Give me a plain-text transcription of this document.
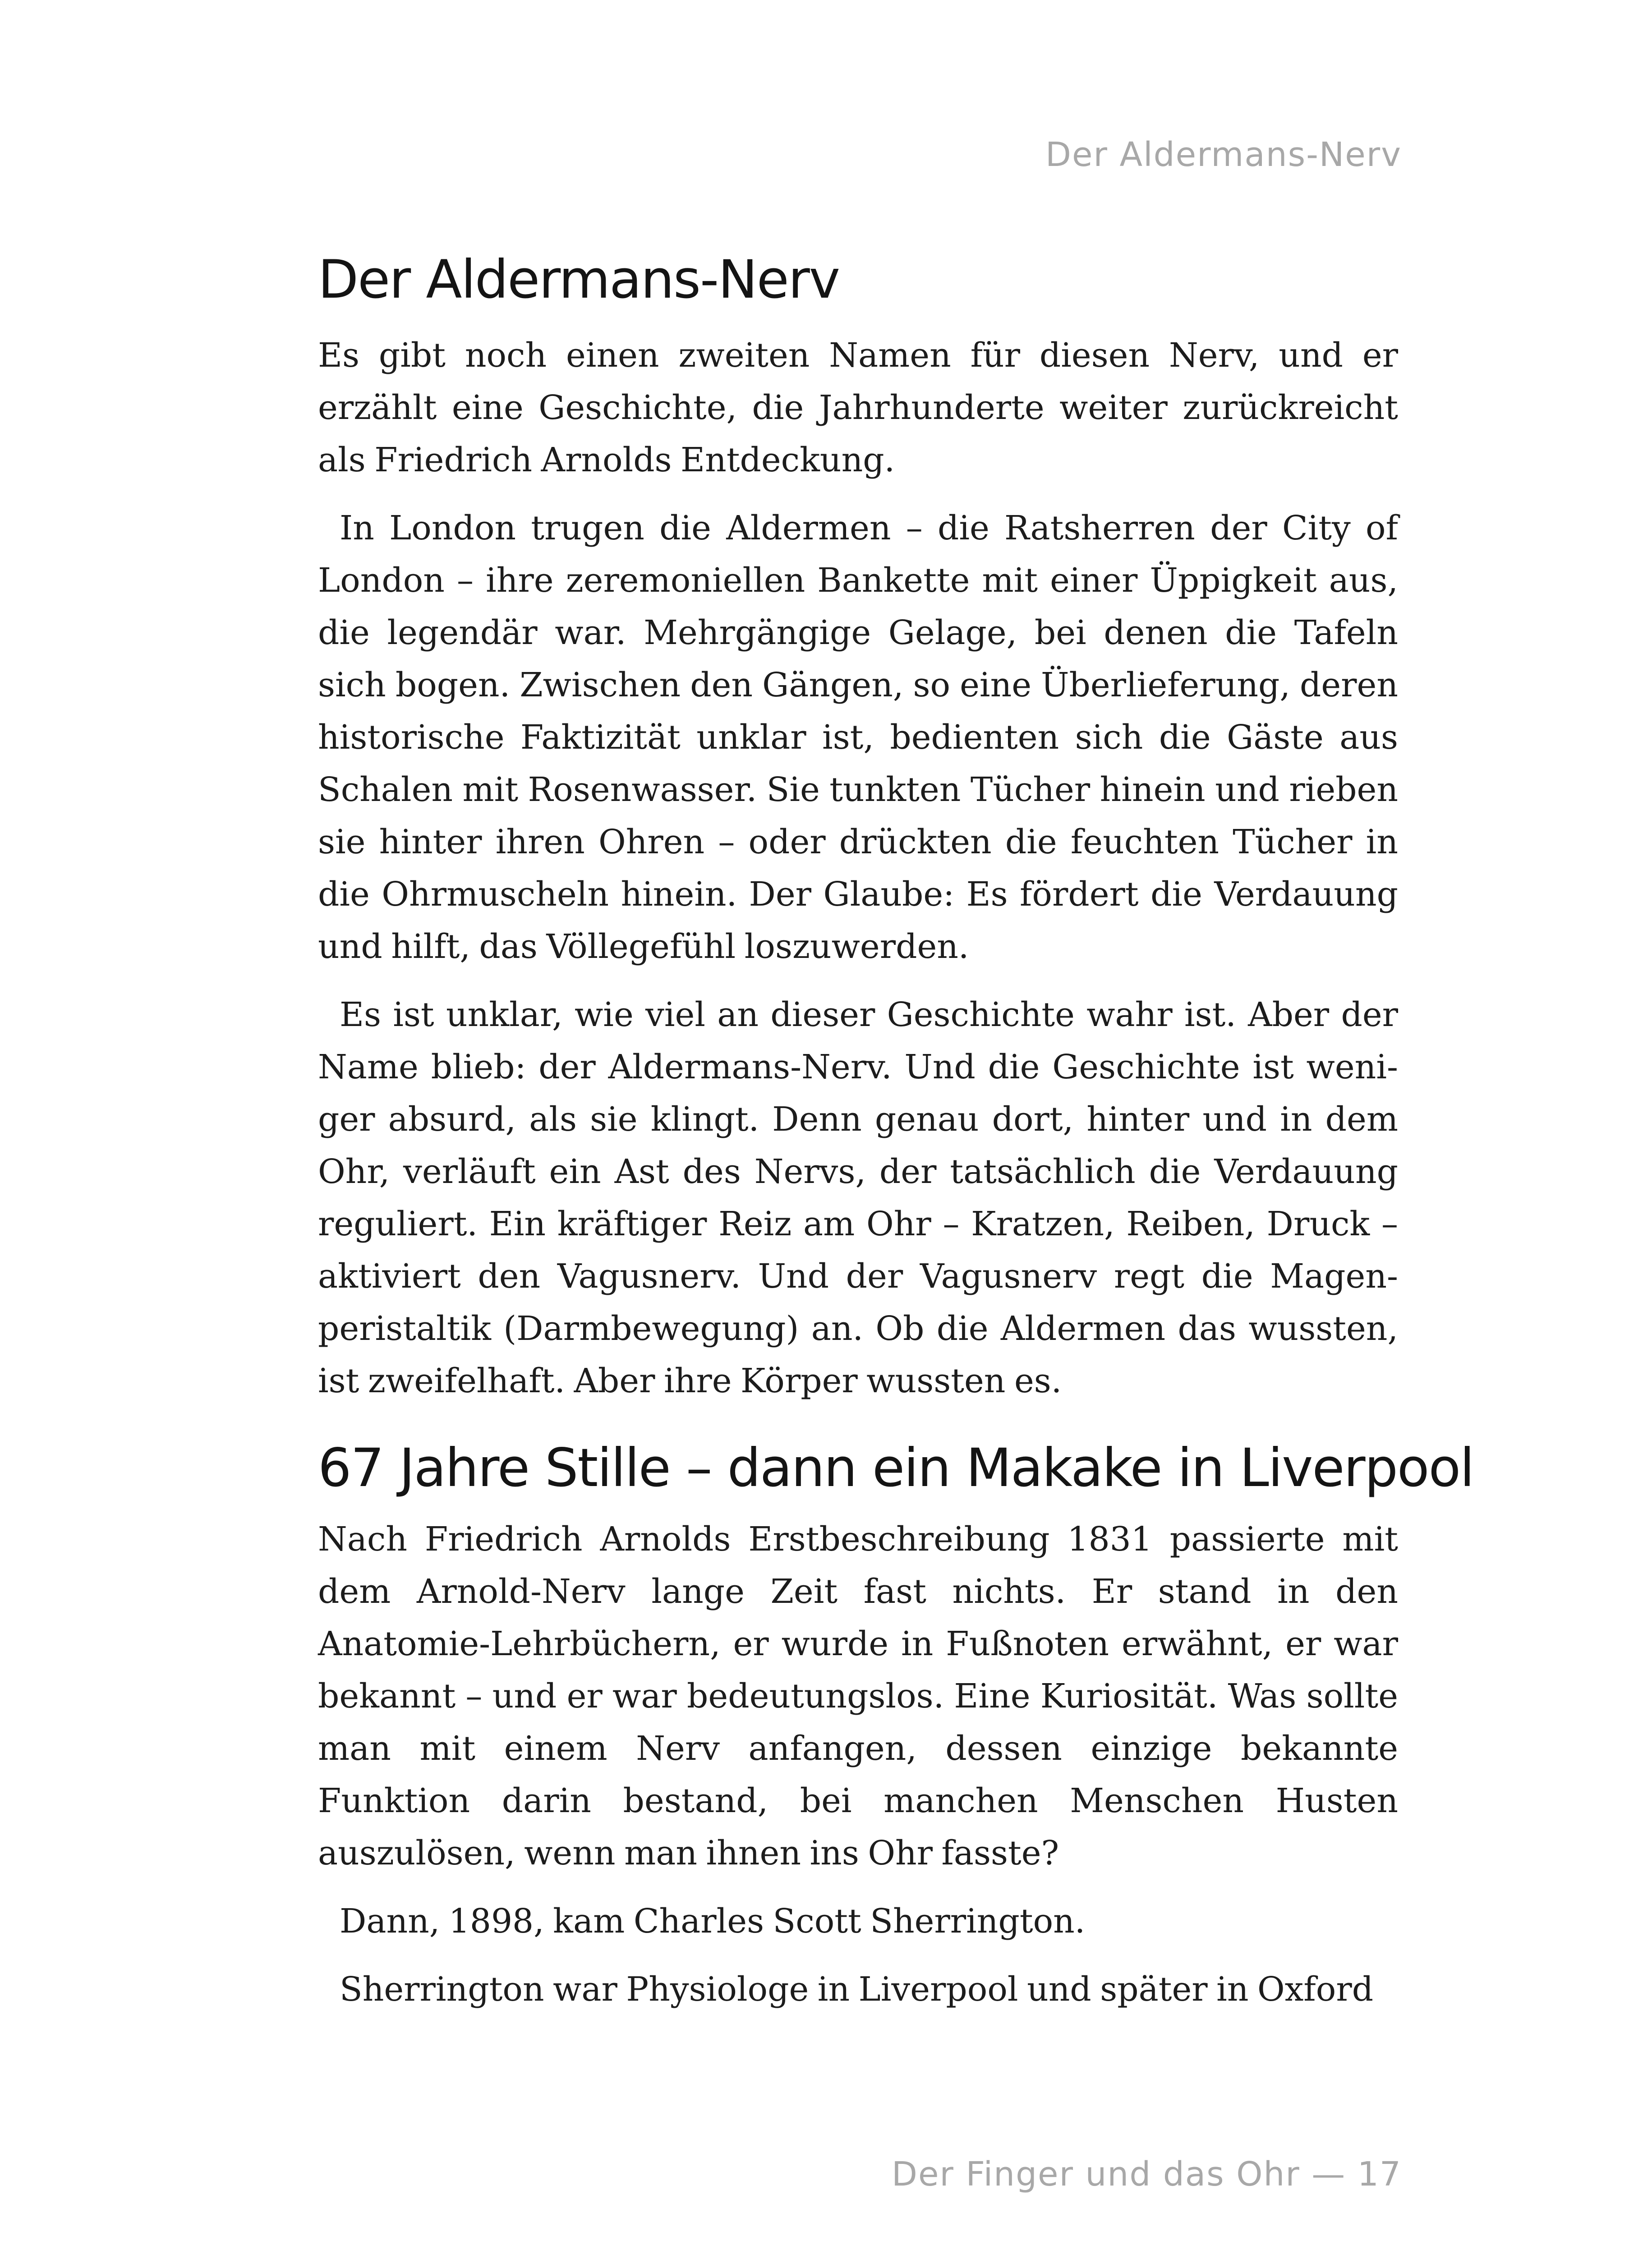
Der Aldermans-Nerv
Der Aldermans-Nerv

Es gibt noch einen zweiten Namen für diesen Nerv, und er erzählt eine Geschichte, die Jahrhunderte weiter zurückreicht als Friedrich Arnolds Entdeckung.

In London trugen die Aldermen – die Ratsherren der City of London – ihre zeremoniellen Bankette mit einer Üppigkeit aus, die legendär war. Mehrgängige Gelage, bei denen die Tafeln sich bogen. Zwischen den Gängen, so eine Überlieferung, deren historische Faktizität unklar ist, bedienten sich die Gäste aus Schalen mit Rosenwasser. Sie tunkten Tücher hinein und rieben sie hinter ihren Ohren – oder drückten die feuchten Tücher in die Ohrmuscheln hinein. Der Glaube: Es fördert die Verdauung und hilft, das Völlegefühl loszuwerden.

Es ist unklar, wie viel an dieser Geschichte wahr ist. Aber der Name blieb: der Aldermans-Nerv. Und die Geschichte ist weniger absurd, als sie klingt. Denn genau dort, hinter und in dem Ohr, verläuft ein Ast des Nervs, der tatsächlich die Verdauung reguliert. Ein kräftiger Reiz am Ohr – Kratzen, Reiben, Druck – aktiviert den Vagusnerv. Und der Vagusnerv regt die Magenperistaltik (Darmbewegung) an. Ob die Aldermen das wussten, ist zweifelhaft. Aber ihre Körper wussten es.

67 Jahre Stille – dann ein Makake in Liverpool

Nach Friedrich Arnolds Erstbeschreibung 1831 passierte mit dem Arnold-Nerv lange Zeit fast nichts. Er stand in den Anatomie-Lehrbüchern, er wurde in Fußnoten erwähnt, er war bekannt – und er war bedeutungslos. Eine Kuriosität. Was sollte man mit einem Nerv anfangen, dessen einzige bekannte Funktion darin bestand, bei manchen Menschen Husten auszulösen, wenn man ihnen ins Ohr fasste?

Dann, 1898, kam Charles Scott Sherrington.

Sherrington war Physiologe in Liverpool und später in Oxford

Der Finger und das Ohr — 17
